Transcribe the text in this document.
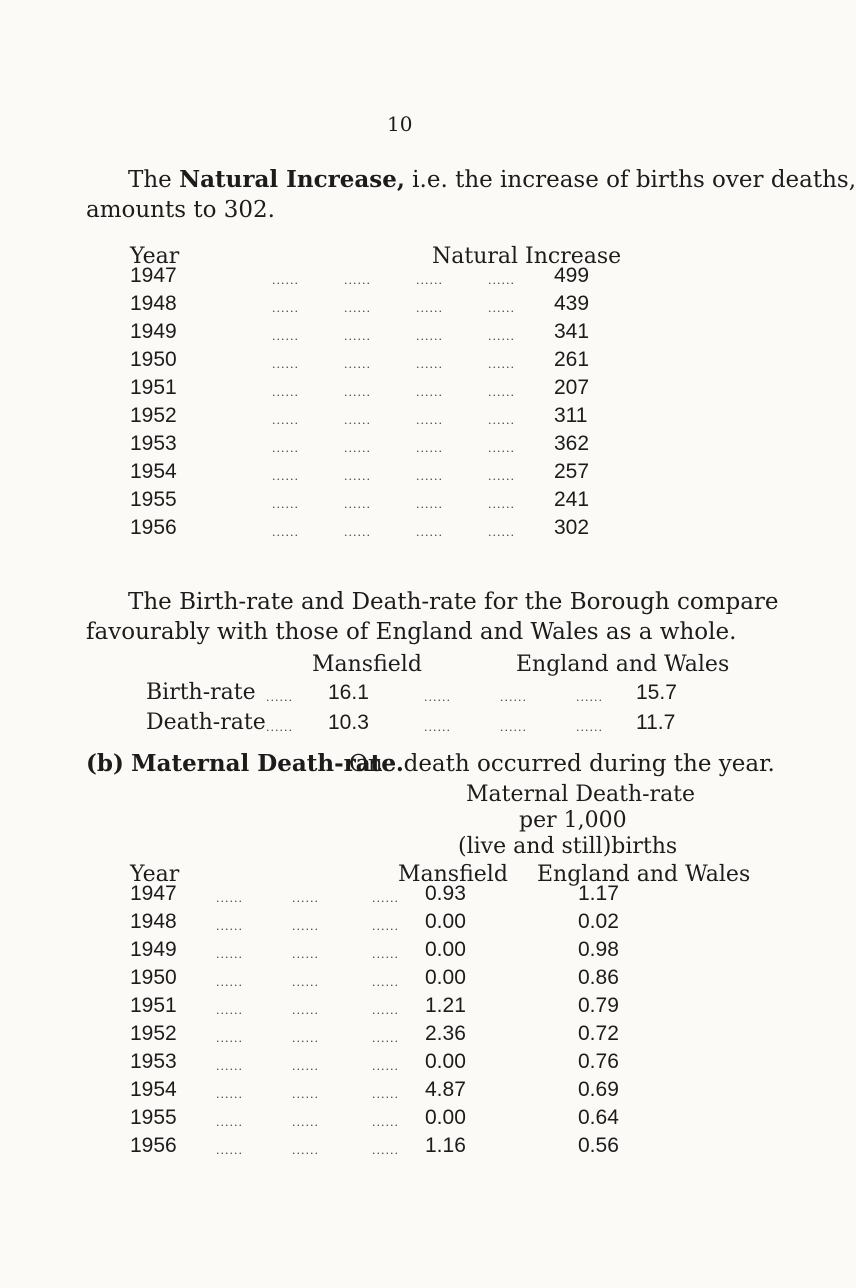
10
The Natural Increase, i.e. the increase of births over deaths,
amounts to 302.
Year	Natural Increase
1947	......	......	......	...... 499
1948	......	......	......	...... 439
1949	......	......	......	...... 341
1950	......	......	......	...... 261
1951	......	......	......	...... 207
1952	......	......	......	...... 311
1953	......	......	......	...... 362
1954	......	......	......	...... 257
1955	......	......	......	...... 241
1956	......	......	......	...... 302
The Birth-rate and Death-rate for the Borough compare
favourably with those of England and Wales as a whole.
Mansfield	England and Wales
Birth-rate ...... 16.1	......	......	...... 15.7
Death-rate ...... 10.3	......	......	...... 11.7
(b) Maternal Death-rate.
One death occurred during the year.
Maternal Death-rate
per 1,000
(live and still)births
Year	Mansfield England and Wales
1947	......	......	...... 0.93	1.17
1948	......	......	...... 0.00	0.02
1949	......	......	...... 0.00	0.98
1950	......	......	...... 0.00	0.86
1951	......	......	...... 1.21	0.79
1952	......	......	...... 2.36	0.72
1953	......	......	...... 0.00	0.76
1954	......	......	...... 4.87	0.69
1955	......	......	...... 0.00	0.64
1956	......	......	...... 1.16	0.56
